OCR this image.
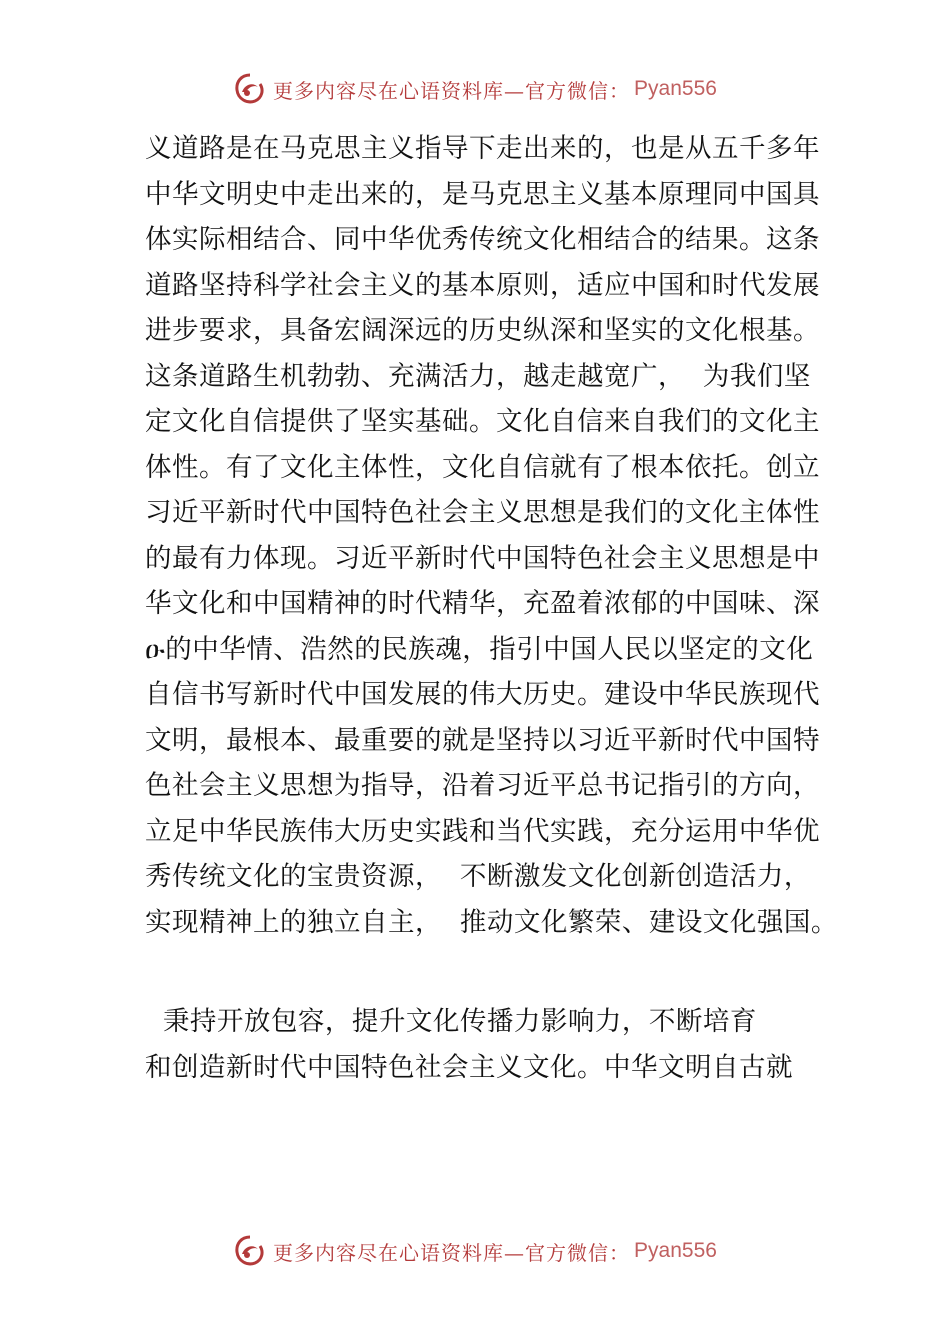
更多内容尽在心语资料库 —官方微信： Pyan556
义道路是在马克思主义指导下走出来的，也是从五千多年
中华文明史中走出来的，是马克思主义基本原理同中国具
体实际相结合、同中华优秀传统文化相结合的结果。这条
道路坚持科学社会主义的基本原则，适应中国和时代发展
进步要求，具备宏阔深远的历史纵深和坚实的文化根基。
这条道路生机勃勃、充满活力，越走越宽广，  为我们坚
定文化自信提供了坚实基础。文化自信来自我们的文化主
体性。有了文化主体性，文化自信就有了根本依托。创立
习近平新时代中国特色社会主义思想是我们的文化主体性
的最有力体现。习近平新时代中国特色社会主义思想是中
华文化和中国精神的时代精华，充盈着浓郁的中国味、深
ዑ的中华情、浩然的民族魂，指引中国人民以坚定的文化
自信书写新时代中国发展的伟大历史。建设中华民族现代
文明，最根本、最重要的就是坚持以习近平新时代中国特
色社会主义思想为指导，沿着习近平总书记指引的方向，
立足中华民族伟大历史实践和当代实践，充分运用中华优
秀传统文化的宝贵资源，  不断激发文化创新创造活力，
实现精神上的独立自主，  推动文化繁荣、建设文化强国。
秉持开放包容，提升文化传播力影响力，不断培育
和创造新时代中国特色社会主义文化。中华文明自古就
更多内容尽在心语资料库 —官方微信： Pyan556
